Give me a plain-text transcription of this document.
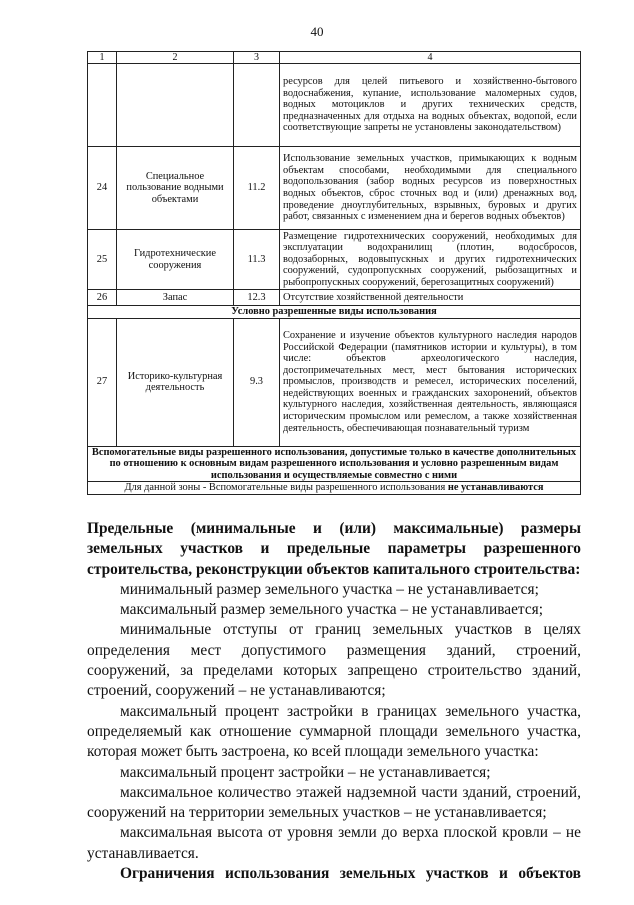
40
1	2	3	4
			ресурсов для целей питьевого и хозяйственно-бытового водоснабжения, купание, использование маломерных судов, водных мотоциклов и других технических средств, предназначенных для отдыха на водных объектах, водопой, если соответствующие запреты не установлены законодательством)
24	Специальное пользование водными объектами	11.2	Использование земельных участков, примыкающих к водным объектам способами, необходимыми для специального водопользования (забор водных ресурсов из поверхностных водных объектов, сброс сточных вод и (или) дренажных вод, проведение дноуглубительных, взрывных, буровых и других работ, связанных с изменением дна и берегов водных объектов)
25	Гидротехнические сооружения	11.3	Размещение гидротехнических сооружений, необходимых для эксплуатации водохранилищ (плотин, водосбросов, водозаборных, водовыпускных и других гидротехнических сооружений, судопропускных сооружений, рыбозащитных и рыбопропускных сооружений, берегозащитных сооружений)
26	Запас	12.3	Отсутствие хозяйственной деятельности
Условно разрешенные виды использования			
27	Историко-культурная деятельность	9.3	Сохранение и изучение объектов культурного наследия народов Российской Федерации (памятников истории и культуры), в том числе: объектов археологического наследия, достопримечательных мест, мест бытования исторических промыслов, производств и ремесел, исторических поселений, недействующих военных и гражданских захоронений, объектов культурного наследия, хозяйственная деятельность, являющаяся историческим промыслом или ремеслом, а также хозяйственная деятельность, обеспечивающая познавательный туризм
Вспомогательные виды разрешенного использования, допустимые только в качестве дополнительных по отношению к основным видам разрешенного использования и условно разрешенным видам использования и осуществляемые совместно с ними			
Для данной зоны - Вспомогательные виды разрешенного использования не устанавливаются			

Предельные (минимальные и (или) максимальные) размеры земельных участков и предельные параметры разрешенного

строительства, реконструкции объектов капитального строительства:

минимальный размер земельного участка – не устанавливается;

максимальный размер земельного участка – не устанавливается;

минимальные отступы от границ земельных участков в целях определения мест допустимого размещения зданий, строений, сооружений, за пределами которых запрещено строительство зданий, строений, сооружений – не устанавливаются;

максимальный процент застройки в границах земельного участка, определяемый как отношение суммарной площади земельного участка, которая может быть застроена, ко всей площади земельного участка:

максимальный процент застройки – не устанавливается;

максимальное количество этажей надземной части зданий, строений, сооружений на территории земельных участков – не устанавливается;

максимальная высота от уровня земли до верха плоской кровли – не устанавливается.

Ограничения использования земельных участков и объектов
